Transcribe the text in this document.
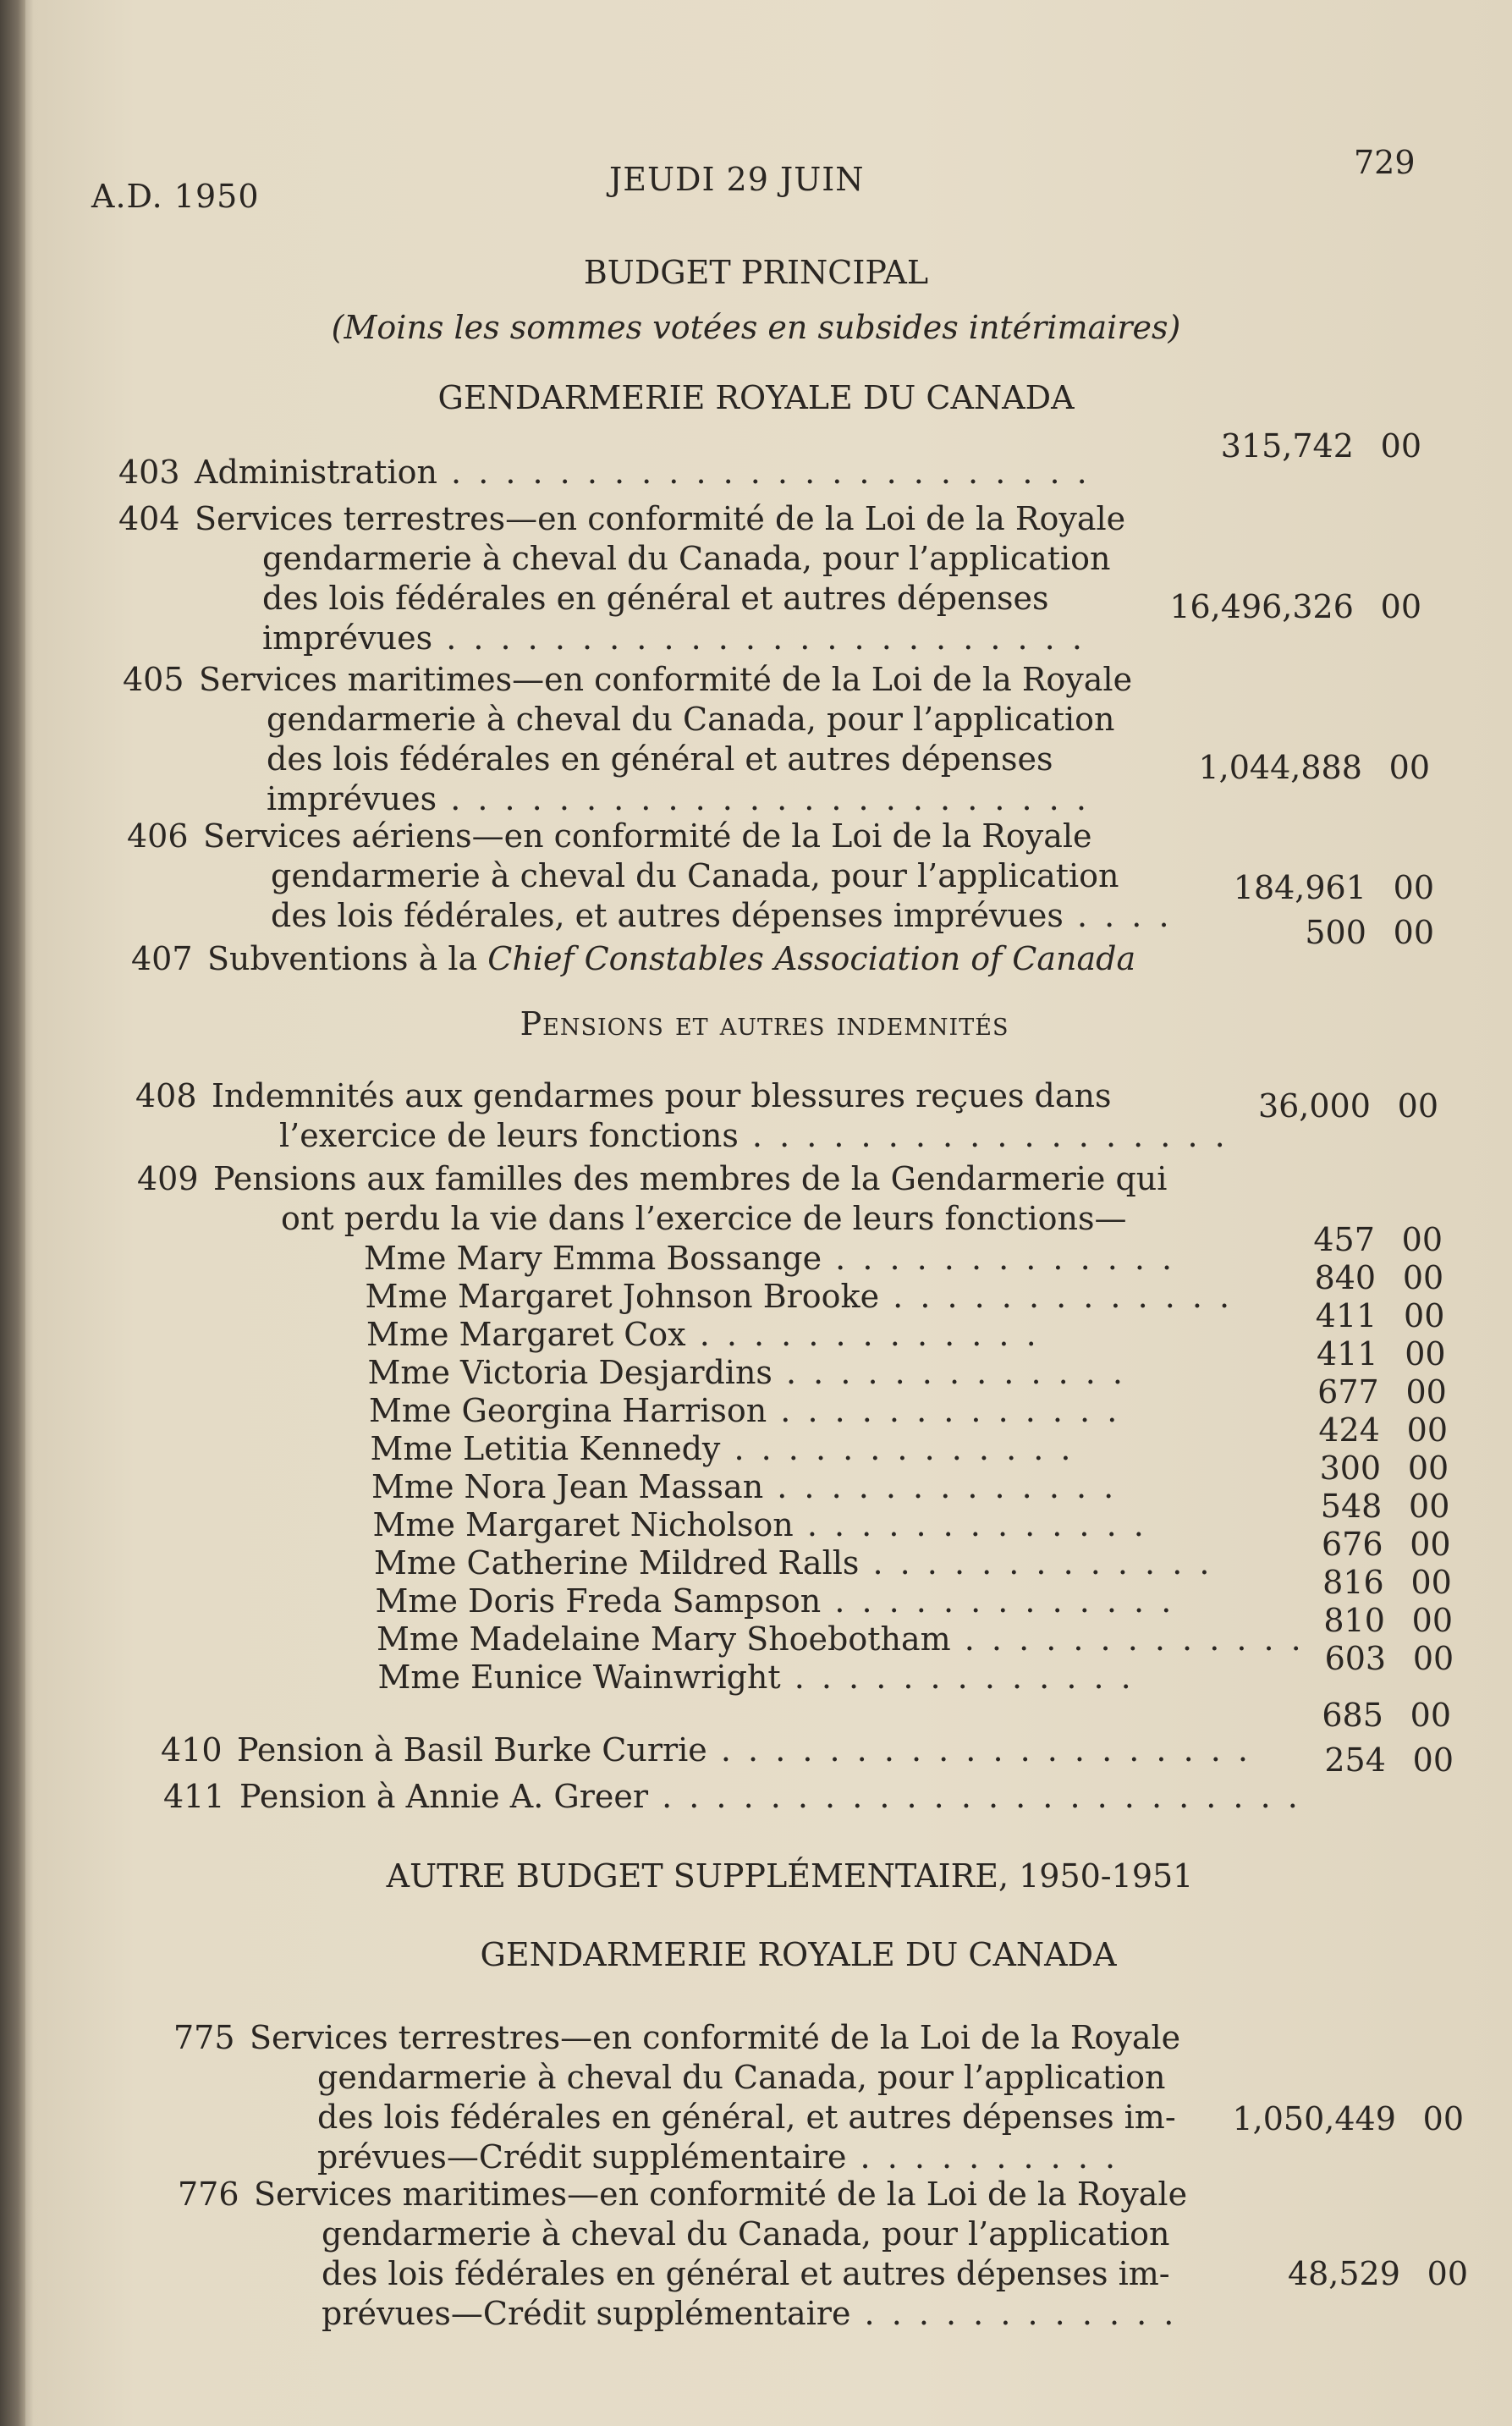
A.D. 1950	JEUDI 29 JUIN	729
BUDGET PRINCIPAL
(Moins les sommes votées en subsides intérimaires)
GENDARMERIE ROYALE DU CANADA
403 Administration . . . . . . . . . . . . . . . . . . . . . . . .
315,742 00
404 Services terrestres—en conformité de la Loi de la Royale
gendarmerie à cheval du Canada, pour l’application
des lois fédérales en général et autres dépenses
imprévues . . . . . . . . . . . . . . . . . . . . . . . .
16,496,326 00
405 Services maritimes—en conformité de la Loi de la Royale
gendarmerie à cheval du Canada, pour l’application
des lois fédérales en général et autres dépenses
imprévues . . . . . . . . . . . . . . . . . . . . . . . .
1,044,888 00
406 Services aériens—en conformité de la Loi de la Royale
gendarmerie à cheval du Canada, pour l’application
des lois fédérales, et autres dépenses imprévues . . . .
184,961 00
407 Subventions à la Chief Constables Association of Canada
500 00
Pensions et autres indemnités
408 Indemnités aux gendarmes pour blessures reçues dans
l’exercice de leurs fonctions . . . . . . . . . . . . . . . . . .
36,000 00
409 Pensions aux familles des membres de la Gendarmerie qui
ont perdu la vie dans l’exercice de leurs fonctions—
Mme Mary Emma Bossange . . . . . . . . . . . . .	457 00
Mme Margaret Johnson Brooke . . . . . . . . . . . . .	840 00
Mme Margaret Cox . . . . . . . . . . . . .	411 00
Mme Victoria Desjardins . . . . . . . . . . . . .	411 00
Mme Georgina Harrison . . . . . . . . . . . . .	677 00
Mme Letitia Kennedy . . . . . . . . . . . . .	424 00
Mme Nora Jean Massan . . . . . . . . . . . . .	300 00
Mme Margaret Nicholson . . . . . . . . . . . . .	548 00
Mme Catherine Mildred Ralls . . . . . . . . . . . . .	676 00
Mme Doris Freda Sampson . . . . . . . . . . . . .	816 00
Mme Madelaine Mary Shoebotham . . . . . . . . . . . . . 810 00
Mme Eunice Wainwright . . . . . . . . . . . . .	603 00
410 Pension à Basil Burke Currie . . . . . . . . . . . . . . . . . . . .
685 00
411 Pension à Annie A. Greer . . . . . . . . . . . . . . . . . . . . . . . .
254 00
AUTRE BUDGET SUPPLÉMENTAIRE, 1950-1951
GENDARMERIE ROYALE DU CANADA
775 Services terrestres—en conformité de la Loi de la Royale
gendarmerie à cheval du Canada, pour l’application
des lois fédérales en général, et autres dépenses im-
prévues—Crédit supplémentaire . . . . . . . . . .
1,050,449 00
776 Services maritimes—en conformité de la Loi de la Royale
gendarmerie à cheval du Canada, pour l’application
des lois fédérales en général et autres dépenses im-
prévues—Crédit supplémentaire . . . . . . . . . . . .
48,529 00
